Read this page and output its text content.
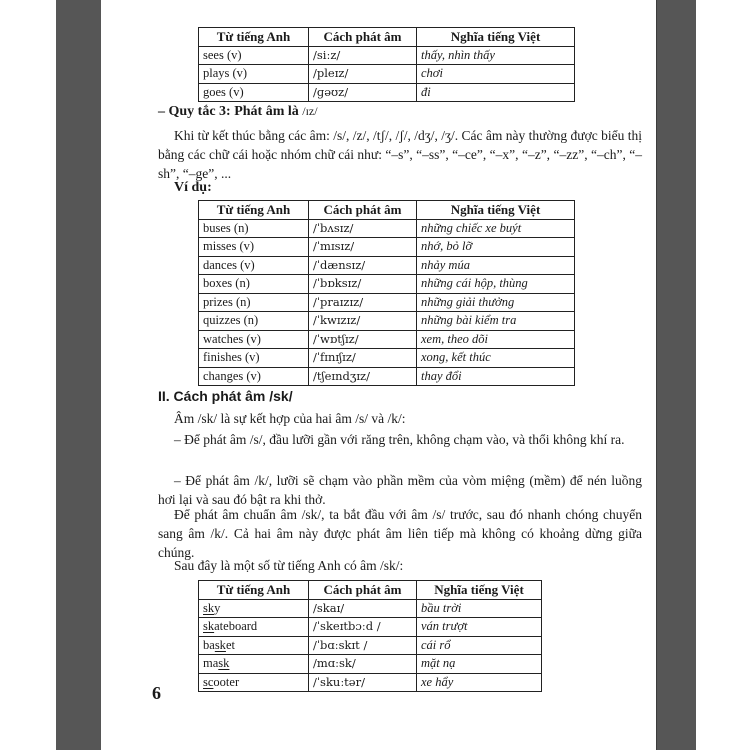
Từ tiếng Anh	Cách phát âm	Nghĩa tiếng Việt
sees (v)	/siːz/	thấy, nhìn thấy
plays (v)	/pleɪz/	chơi
goes (v)	/ɡəʊz/	đi
– Quy tắc 3: Phát âm là /ɪz/
Khi từ kết thúc bằng các âm: /s/, /z/, /tʃ/, /ʃ/, /dʒ/, /ʒ/. Các âm này thường được biểu thị bằng các chữ cái hoặc nhóm chữ cái như: “–s”, “–ss”, “–ce”, “–x”, “–z”, “–zz”, “–ch”, “–sh”, “–ge”, ...
Ví dụ:
Từ tiếng Anh	Cách phát âm	Nghĩa tiếng Việt
buses (n)	/ˈbʌsɪz/	những chiếc xe buýt
misses (v)	/ˈmɪsɪz/	nhớ, bỏ lỡ
dances (v)	/ˈdænsɪz/	nhảy múa
boxes (n)	/ˈbɒksɪz/	những cái hộp, thùng
prizes (n)	/ˈpraɪzɪz/	những giải thưởng
quizzes (n)	/ˈkwɪzɪz/	những bài kiểm tra
watches (v)	/ˈwɒtʃɪz/	xem, theo dõi
finishes (v)	/ˈfɪnɪʃɪz/	xong, kết thúc
changes (v)	/tʃeɪndʒɪz/	thay đổi
II. Cách phát âm /sk/
Âm /sk/ là sự kết hợp của hai âm /s/ và /k/:
– Để phát âm /s/, đầu lưỡi gần với răng trên, không chạm vào, và thổi không khí ra.
– Để phát âm /k/, lưỡi sẽ chạm vào phần mềm của vòm miệng (mềm) để nén luồng hơi lại và sau đó bật ra khi thở.
Để phát âm chuẩn âm /sk/, ta bắt đầu với âm /s/ trước, sau đó nhanh chóng chuyển sang âm /k/. Cả hai âm này được phát âm liên tiếp mà không có khoảng dừng giữa chúng.
Sau đây là một số từ tiếng Anh có âm /sk/:
Từ tiếng Anh	Cách phát âm	Nghĩa tiếng Việt
sky	/skaɪ/	bầu trời
skateboard	/ˈskeɪtbɔːd /	ván trượt
basket	/ˈbɑːskɪt /	cái rổ
mask	/mɑːsk/	mặt nạ
scooter	/ˈskuːtər/	xe hẩy
6
